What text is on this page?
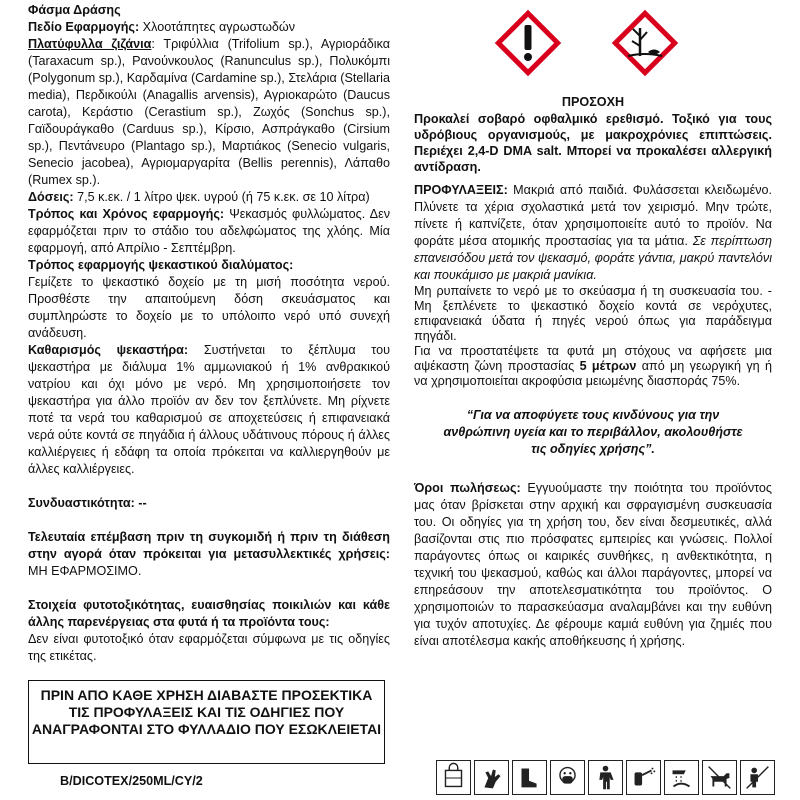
Φάσμα Δράσης

Πεδίο Εφαρμογής: Χλοοτάπητες αγρωστωδών

Πλατύφυλλα ζιζάνια: Τριφύλλια (Trifolium sp.), Αγριοράδικα (Taraxacum sp.), Ρανούνκουλος (Ranunculus sp.), Πολυκόμπι (Polygonum sp.), Καρδαμίνα (Cardamine sp.), Στελάρια (Stellaria media), Περδικούλι (Anagallis arvensis), Αγριοκαρώτο (Daucus carota), Κεράστιο (Cerastium sp.), Ζωχός (Sonchus sp.), Γαϊδουράγκαθο (Carduus sp.), Κίρσιο, Ασπράγκαθο (Cirsium sp.), Πεντάνευρο (Plantago sp.), Μαρτιάκος (Senecio vulgaris, Senecio jacobea), Αγριομαργαρίτα (Bellis perennis), Λάπαθο (Rumex sp.).

Δόσεις: 7,5 κ.εκ. / 1 λίτρο ψεκ. υγρού (ή 75 κ.εκ. σε 10 λίτρα)

Τρόπος και Χρόνος εφαρμογής: Ψεκασμός φυλλώματος. Δεν εφαρμόζεται πριν το στάδιο του αδελφώματος της χλόης. Μία εφαρμογή, από Απρίλιο - Σεπτέμβρη.

Τρόπος εφαρμογής ψεκαστικού διαλύματος:

Γεμίζετε το ψεκαστικό δοχείο με τη μισή ποσότητα νερού. Προσθέστε την απαιτούμενη δόση σκευάσματος και συμπληρώστε το δοχείο με το υπόλοιπο νερό υπό συνεχή ανάδευση.

Καθαρισμός ψεκαστήρα: Συστήνεται το ξέπλυμα του ψεκαστήρα με διάλυμα 1% αμμωνιακού ή 1% ανθρακικού νατρίου και όχι μόνο με νερό. Μη χρησιμοποιήσετε τον ψεκαστήρα για άλλο προϊόν αν δεν τον ξεπλύνετε. Μη ρίχνετε ποτέ τα νερά του καθαρισμού σε αποχετεύσεις ή επιφανειακά νερά ούτε κοντά σε πηγάδια ή άλλους υδάτινους πόρους ή άλλες καλλιέργειες ή εδάφη τα οποία πρόκειται να καλλιεργηθούν με άλλες καλλιέργειες.

Συνδυαστικότητα: --

Τελευταία επέμβαση πριν τη συγκομιδή ή πριν τη διάθεση στην αγορά όταν πρόκειται για μετασυλλεκτικές χρήσεις: ΜΗ ΕΦΑΡΜΟΣΙΜΟ.

Στοιχεία φυτοτοξικότητας, ευαισθησίας ποικιλιών και κάθε άλλης παρενέργειας στα φυτά ή τα προϊόντα τους:

Δεν είναι φυτοτοξικό όταν εφαρμόζεται σύμφωνα με τις οδηγίες της ετικέτας.

ΠΡΙΝ ΑΠΟ ΚΑΘΕ ΧΡΗΣΗ ΔΙΑΒΑΣΤΕ ΠΡΟΣΕΚΤΙΚΑ ΤΙΣ ΠΡΟΦΥΛΑΞΕΙΣ ΚΑΙ ΤΙΣ ΟΔΗΓΙΕΣ ΠΟΥ ΑΝΑΓΡΑΦΟΝΤΑΙ ΣΤΟ ΦΥΛΛΑΔΙΟ ΠΟΥ ΕΣΩΚΛΕΙΕΤΑΙ
B/DICOTEX/250ML/CY/2
ΠΡΟΣΟΧΗ
Προκαλεί σοβαρό οφθαλμικό ερεθισμό. Τοξικό για τους υδρόβιους οργανισμούς, με μακροχρόνιες επιπτώσεις. Περιέχει 2,4-D DMA salt. Μπορεί να προκαλέσει αλλεργική αντίδραση.

ΠΡΟΦΥΛΑΞΕΙΣ: Μακριά από παιδιά. Φυλάσσεται κλειδωμένο. Πλύνετε τα χέρια σχολαστικά μετά τον χειρισμό. Μην τρώτε, πίνετε ή καπνίζετε, όταν χρησιμοποιείτε αυτό το προϊόν. Να φοράτε μέσα ατομικής προστασίας για τα μάτια. Σε περίπτωση επανεισόδου μετά τον ψεκασμό, φοράτε γάντια, μακρύ παντελόνι και πουκάμισο με μακριά μανίκια.

Μη ρυπαίνετε το νερό με το σκεύασμα ή τη συσκευασία του. - Μη ξεπλένετε το ψεκαστικό δοχείο κοντά σε νερόχυτες, επιφανειακά ύδατα ή πηγές νερού όπως για παράδειγμα πηγάδι.

Για να προστατέψετε τα φυτά μη στόχους να αφήσετε μια αψέκαστη ζώνη προστασίας 5 μέτρων από μη γεωργική γη ή να χρησιμοποιείται ακροφύσια μειωμένης διασποράς 75%.

“Για να αποφύγετε τους κινδύνους για την ανθρώπινη υγεία και το περιβάλλον, ακολουθήστε τις οδηγίες χρήσης”.

Όροι πωλήσεως: Εγγυούμαστε την ποιότητα του προϊόντος μας όταν βρίσκεται στην αρχική και σφραγισμένη συσκευασία του. Οι οδηγίες για τη χρήση του, δεν είναι δεσμευτικές, αλλά βασίζονται στις πιο πρόσφατες εμπειρίες και γνώσεις. Πολλοί παράγοντες όπως οι καιρικές συνθήκες, η ανθεκτικότητα, η τεχνική του ψεκασμού, καθώς και άλλοι παράγοντες, μπορεί να επηρεάσουν την αποτελεσματικότητα του προϊόντος. Ο χρησιμοποιών το παρασκεύασμα αναλαμβάνει και την ευθύνη για τυχόν αποτυχίες. Δε φέρουμε καμιά ευθύνη για ζημιές που είναι αποτέλεσμα κακής αποθήκευσης ή χρήσης.
